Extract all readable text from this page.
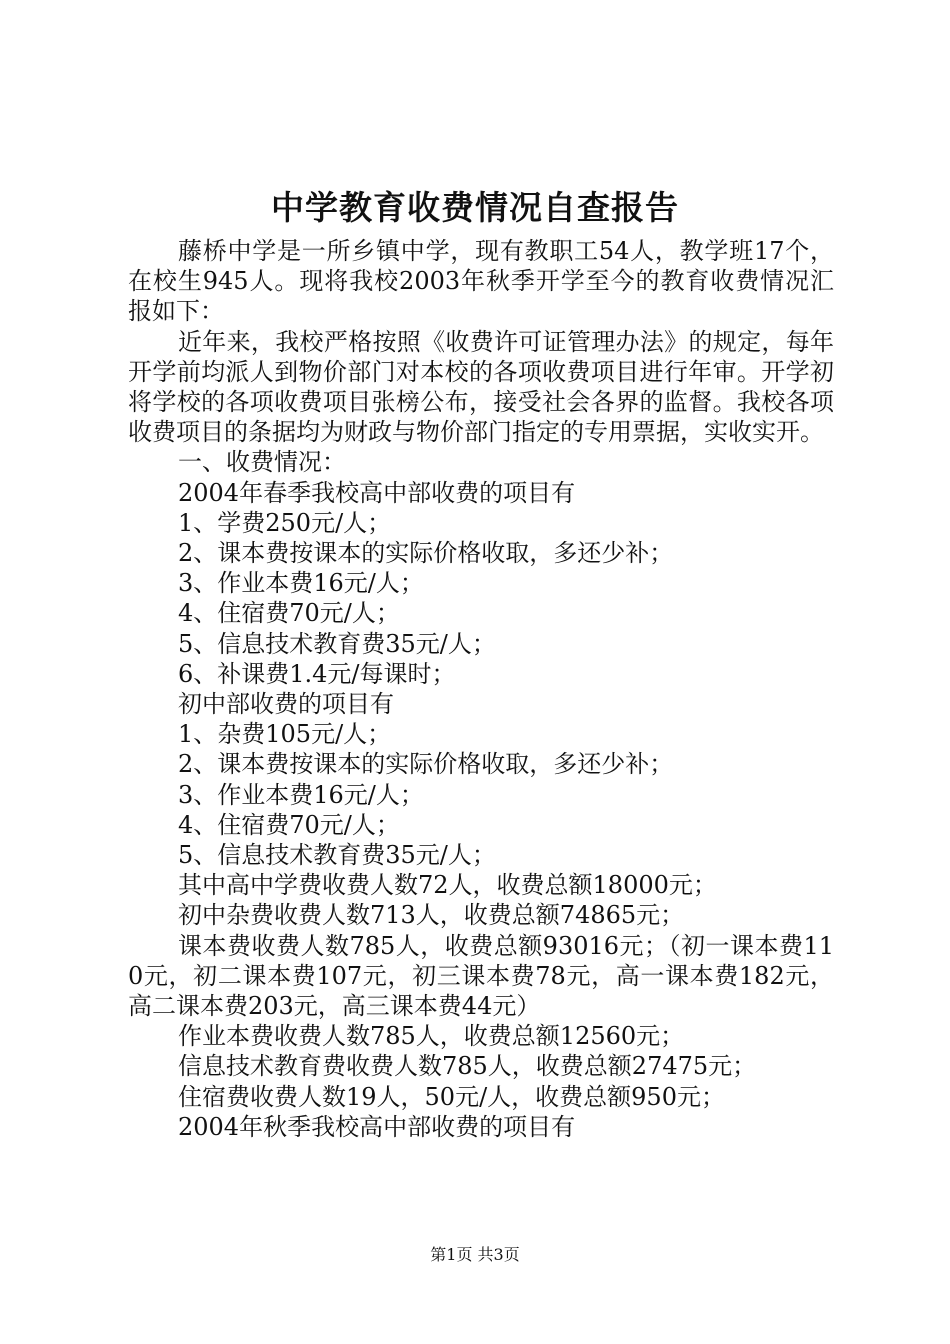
中学教育收费情况自查报告

藤桥中学是一所乡镇中学，现有教职工54人，教学班17个，在校生945人。现将我校2003年秋季开学至今的教育收费情况汇报如下：

近年来，我校严格按照《收费许可证管理办法》的规定，每年开学前均派人到物价部门对本校的各项收费项目进行年审。开学初将学校的各项收费项目张榜公布，接受社会各界的监督。我校各项收费项目的条据均为财政与物价部门指定的专用票据，实收实开。

一、收费情况：

2004年春季我校高中部收费的项目有

1、学费250元/人；

2、课本费按课本的实际价格收取，多还少补；

3、作业本费16元/人；

4、住宿费70元/人；

5、信息技术教育费35元/人；

6、补课费1.4元/每课时；

初中部收费的项目有

1、杂费105元/人；

2、课本费按课本的实际价格收取，多还少补；

3、作业本费16元/人；

4、住宿费70元/人；

5、信息技术教育费35元/人；

其中高中学费收费人数72人，收费总额18000元；

初中杂费收费人数713人，收费总额74865元；

课本费收费人数785人，收费总额93016元；（初一课本费110元，初二课本费107元，初三课本费78元，高一课本费182元，高二课本费203元，高三课本费44元）

作业本费收费人数785人，收费总额12560元；

信息技术教育费收费人数785人，收费总额27475元；

住宿费收费人数19人，50元/人，收费总额950元；

2004年秋季我校高中部收费的项目有

第1页 共3页
